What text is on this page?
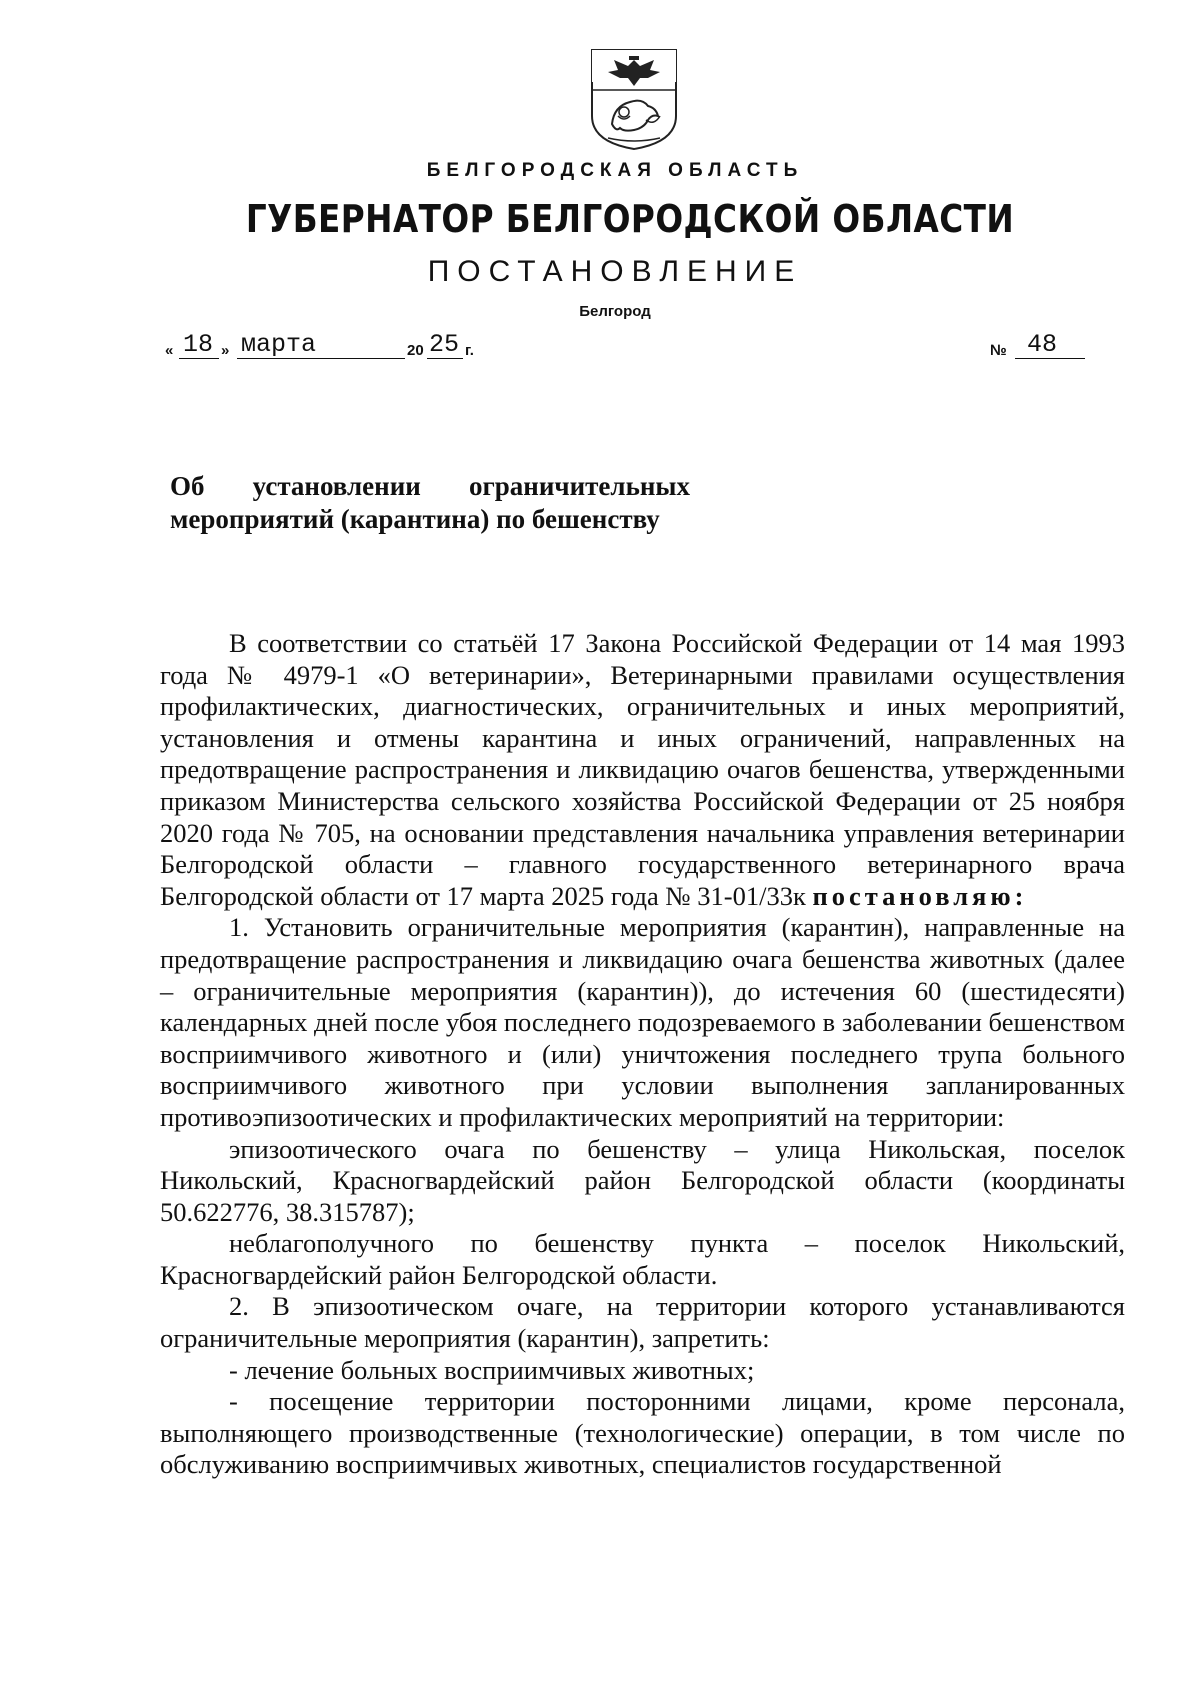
БЕЛГОРОДСКАЯ ОБЛАСТЬ
ГУБЕРНАТОР БЕЛГОРОДСКОЙ ОБЛАСТИ
ПОСТАНОВЛЕНИЕ
Белгород
« 18 » марта	20 25 г.	№ 48
Об установлении ограничительных
мероприятий (карантина) по бешенству

В соответствии со статьёй 17 Закона Российской Федерации от 14 мая 1993 года № 4979-1 «О ветеринарии», Ветеринарными правилами осуществления профилактических, диагностических, ограничительных и иных мероприятий, установления и отмены карантина и иных ограничений, направленных на предотвращение распространения и ликвидацию очагов бешенства, утвержденными приказом Министерства сельского хозяйства Российской Федерации от 25 ноября 2020 года № 705, на основании представления начальника управления ветеринарии Белгородской области – главного государственного ветеринарного врача Белгородской области от 17 марта 2025 года № 31-01/33к постановляю:

1. Установить ограничительные мероприятия (карантин), направленные на предотвращение распространения и ликвидацию очага бешенства животных (далее – ограничительные мероприятия (карантин)), до истечения 60 (шестидесяти) календарных дней после убоя последнего подозреваемого в заболевании бешенством восприимчивого животного и (или) уничтожения последнего трупа больного восприимчивого животного при условии выполнения запланированных противоэпизоотических и профилактических мероприятий на территории:

эпизоотического очага по бешенству – улица Никольская, поселок Никольский, Красногвардейский район Белгородской области (координаты 50.622776, 38.315787);

неблагополучного по бешенству пункта – поселок Никольский, Красногвардейский район Белгородской области.

2. В эпизоотическом очаге, на территории которого устанавливаются ограничительные мероприятия (карантин), запретить:

- лечение больных восприимчивых животных;

- посещение территории посторонними лицами, кроме персонала, выполняющего производственные (технологические) операции, в том числе по обслуживанию восприимчивых животных, специалистов государственной
